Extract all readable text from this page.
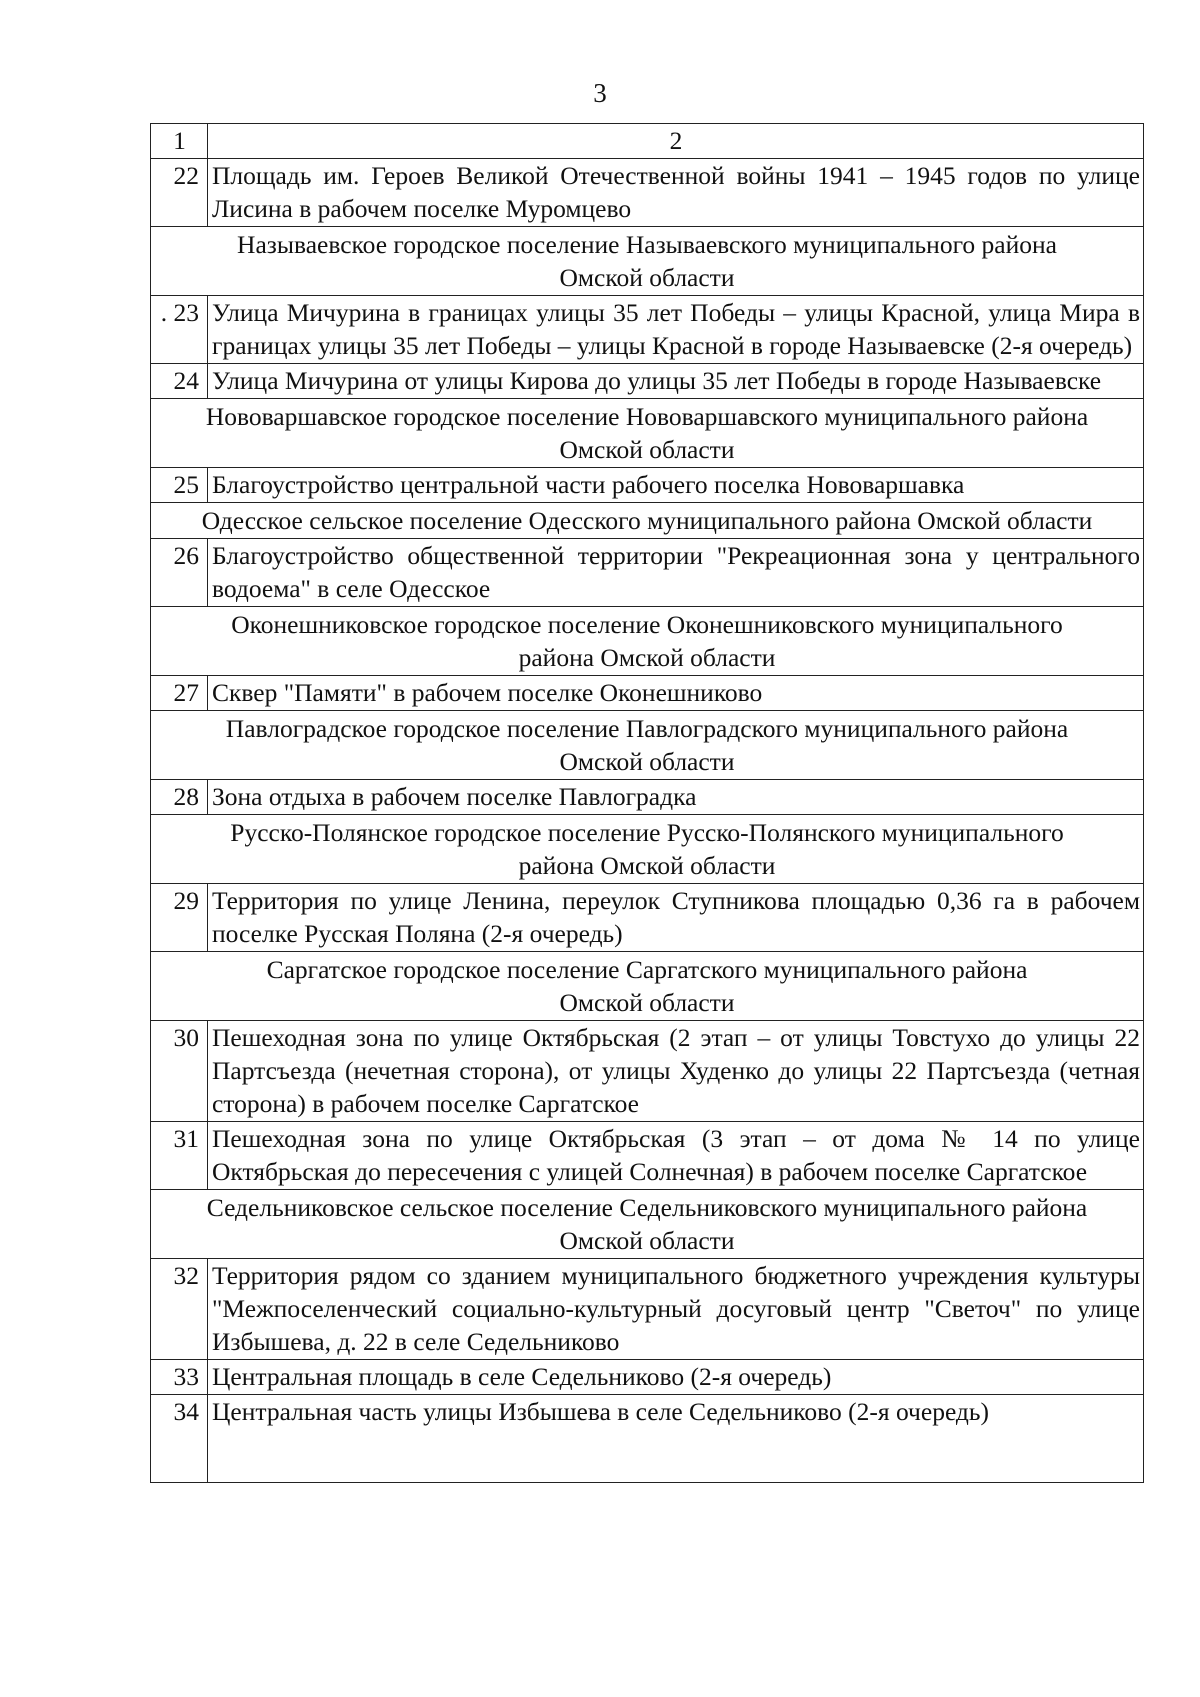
3
1	2
22	Площадь им. Героев Великой Отечественной войны 1941 – 1945 годов по улице Лисина в рабочем поселке Муромцево

Называевское городское поселение Называевского муниципального района
Омской области	

. 23	Улица Мичурина в границах улицы 35 лет Победы – улицы Красной, улица Мира в границах улицы 35 лет Победы – улицы Красной в городе Называевске (2-я очередь)
24	Улица Мичурина от улицы Кирова до улицы 35 лет Победы в городе Называевске

Нововаршавское городское поселение Нововаршавского муниципального района
Омской области	

25	Благоустройство центральной части рабочего поселка Нововаршавка

Одесское сельское поселение Одесского муниципального района Омской области	

26	Благоустройство общественной территории "Рекреационная зона у центрального водоема" в селе Одесское

Оконешниковское городское поселение Оконешниковского муниципального
района Омской области	

27	Сквер "Памяти" в рабочем поселке Оконешниково

Павлоградское городское поселение Павлоградского муниципального района
Омской области	

28	Зона отдыха в рабочем поселке Павлоградка

Русско-Полянское городское поселение Русско-Полянского муниципального
района Омской области	

29	Территория по улице Ленина, переулок Ступникова площадью 0,36 га в рабочем поселке Русская Поляна (2-я очередь)

Саргатское городское поселение Саргатского муниципального района
Омской области	

30	Пешеходная зона по улице Октябрьская (2 этап – от улицы Товстухо до улицы 22 Партсъезда (нечетная сторона), от улицы Худенко до улицы 22 Партсъезда (четная сторона) в рабочем поселке Саргатское
31	Пешеходная зона по улице Октябрьская (3 этап – от дома № 14 по улице Октябрьская до пересечения с улицей Солнечная) в рабочем поселке Саргатское

Седельниковское сельское поселение Седельниковского муниципального района
Омской области	

32	Территория рядом со зданием муниципального бюджетного учреждения культуры "Межпоселенческий социально-культурный досуговый центр "Светоч" по улице Избышева, д. 22 в селе Седельниково
33	Центральная площадь в селе Седельниково (2-я очередь)
34	Центральная часть улицы Избышева в селе Седельниково (2-я очередь)
